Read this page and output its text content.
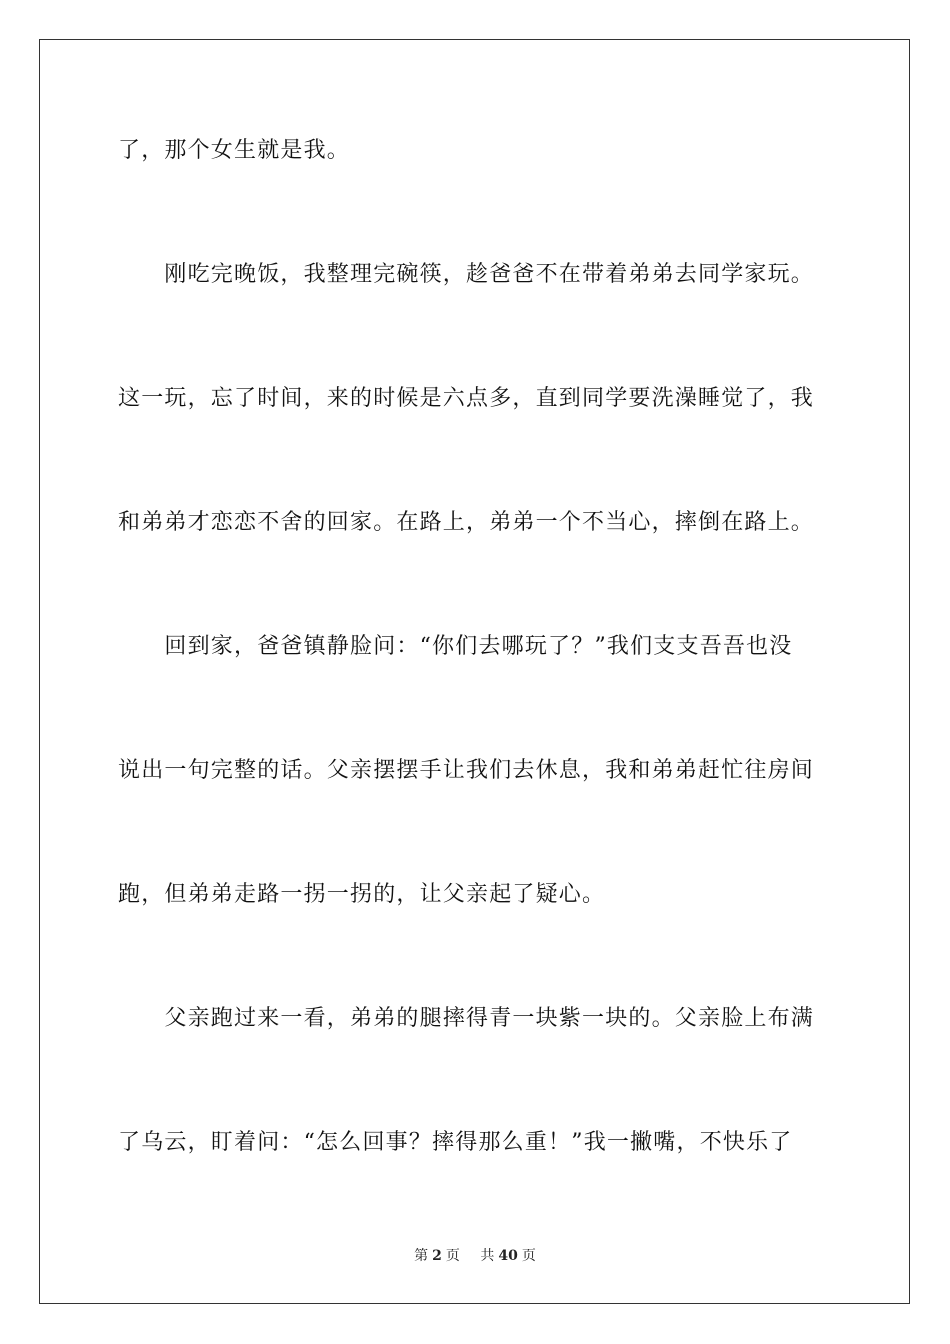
了，那个女生就是我。
　　刚吃完晚饭，我整理完碗筷，趁爸爸不在带着弟弟去同学家玩。
这一玩，忘了时间，来的时候是六点多，直到同学要洗澡睡觉了，我
和弟弟才恋恋不舍的回家。在路上，弟弟一个不当心，摔倒在路上。
　　回到家，爸爸镇静脸问：“你们去哪玩了？”我们支支吾吾也没
说出一句完整的话。父亲摆摆手让我们去休息，我和弟弟赶忙往房间
跑，但弟弟走路一拐一拐的，让父亲起了疑心。
　　父亲跑过来一看，弟弟的腿摔得青一块紫一块的。父亲脸上布满
了乌云，盯着问：“怎么回事？摔得那么重！”我一撇嘴，不快乐了
第 2 页 共 40 页
